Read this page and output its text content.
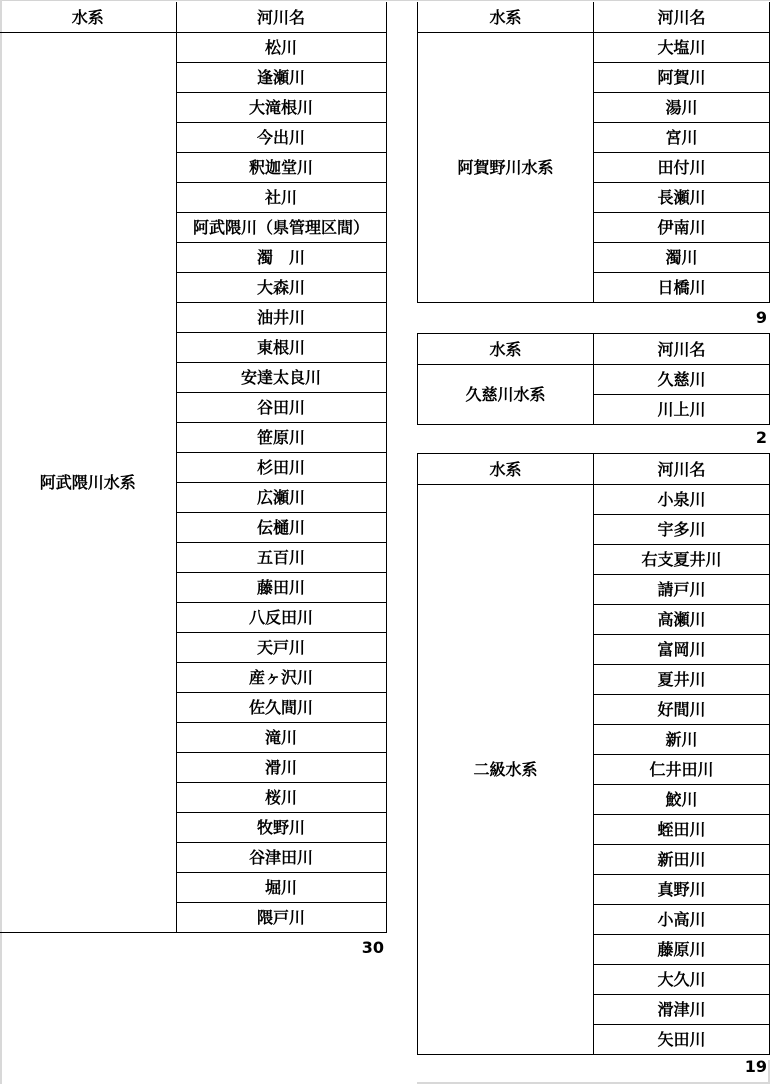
水系	河川名
阿武隈川水系	松川
	逢瀬川
	大滝根川
	今出川
	釈迦堂川
	社川
	阿武隈川（県管理区間）
	濁　川
	大森川
	油井川
	東根川
	安達太良川
	谷田川
	笹原川
	杉田川
	広瀬川
	伝樋川
	五百川
	藤田川
	八反田川
	天戸川
	産ヶ沢川
	佐久間川
	滝川
	滑川
	桜川
	牧野川
	谷津田川
	堀川
	隈戸川
30
水系	河川名
阿賀野川水系	大塩川
	阿賀川
	湯川
	宮川
	田付川
	長瀬川
	伊南川
	濁川
	日橋川
9
水系	河川名
久慈川水系	久慈川
	川上川
2
水系	河川名
二級水系	小泉川
	宇多川
	右支夏井川
	請戸川
	高瀬川
	富岡川
	夏井川
	好間川
	新川
	仁井田川
	鮫川
	蛭田川
	新田川
	真野川
	小高川
	藤原川
	大久川
	滑津川
	矢田川
19
